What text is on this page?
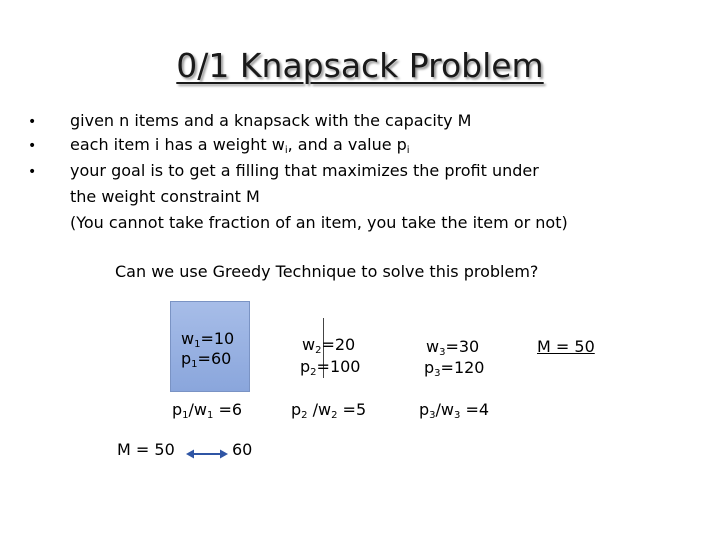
0/1 Knapsack Problem
• given n items and a knapsack with the capacity M
• each item i has a weight $w_i$, and a value $p_i$
• your goal is to get a filling that maximizes the profit under
the weight constraint M
(You cannot take fraction of an item, you take the item or not)
Can we use Greedy Technique to solve this problem?
$w_1=10$
$p_1=60$
$w_2=20$
$p_2=100$
$w_3=30$
$p_3=120$
M = 50
$p_1/w_1 =6$	$p_2$ $/w_2 =5$	$p_3/w_3 =4$
M = 50	60
